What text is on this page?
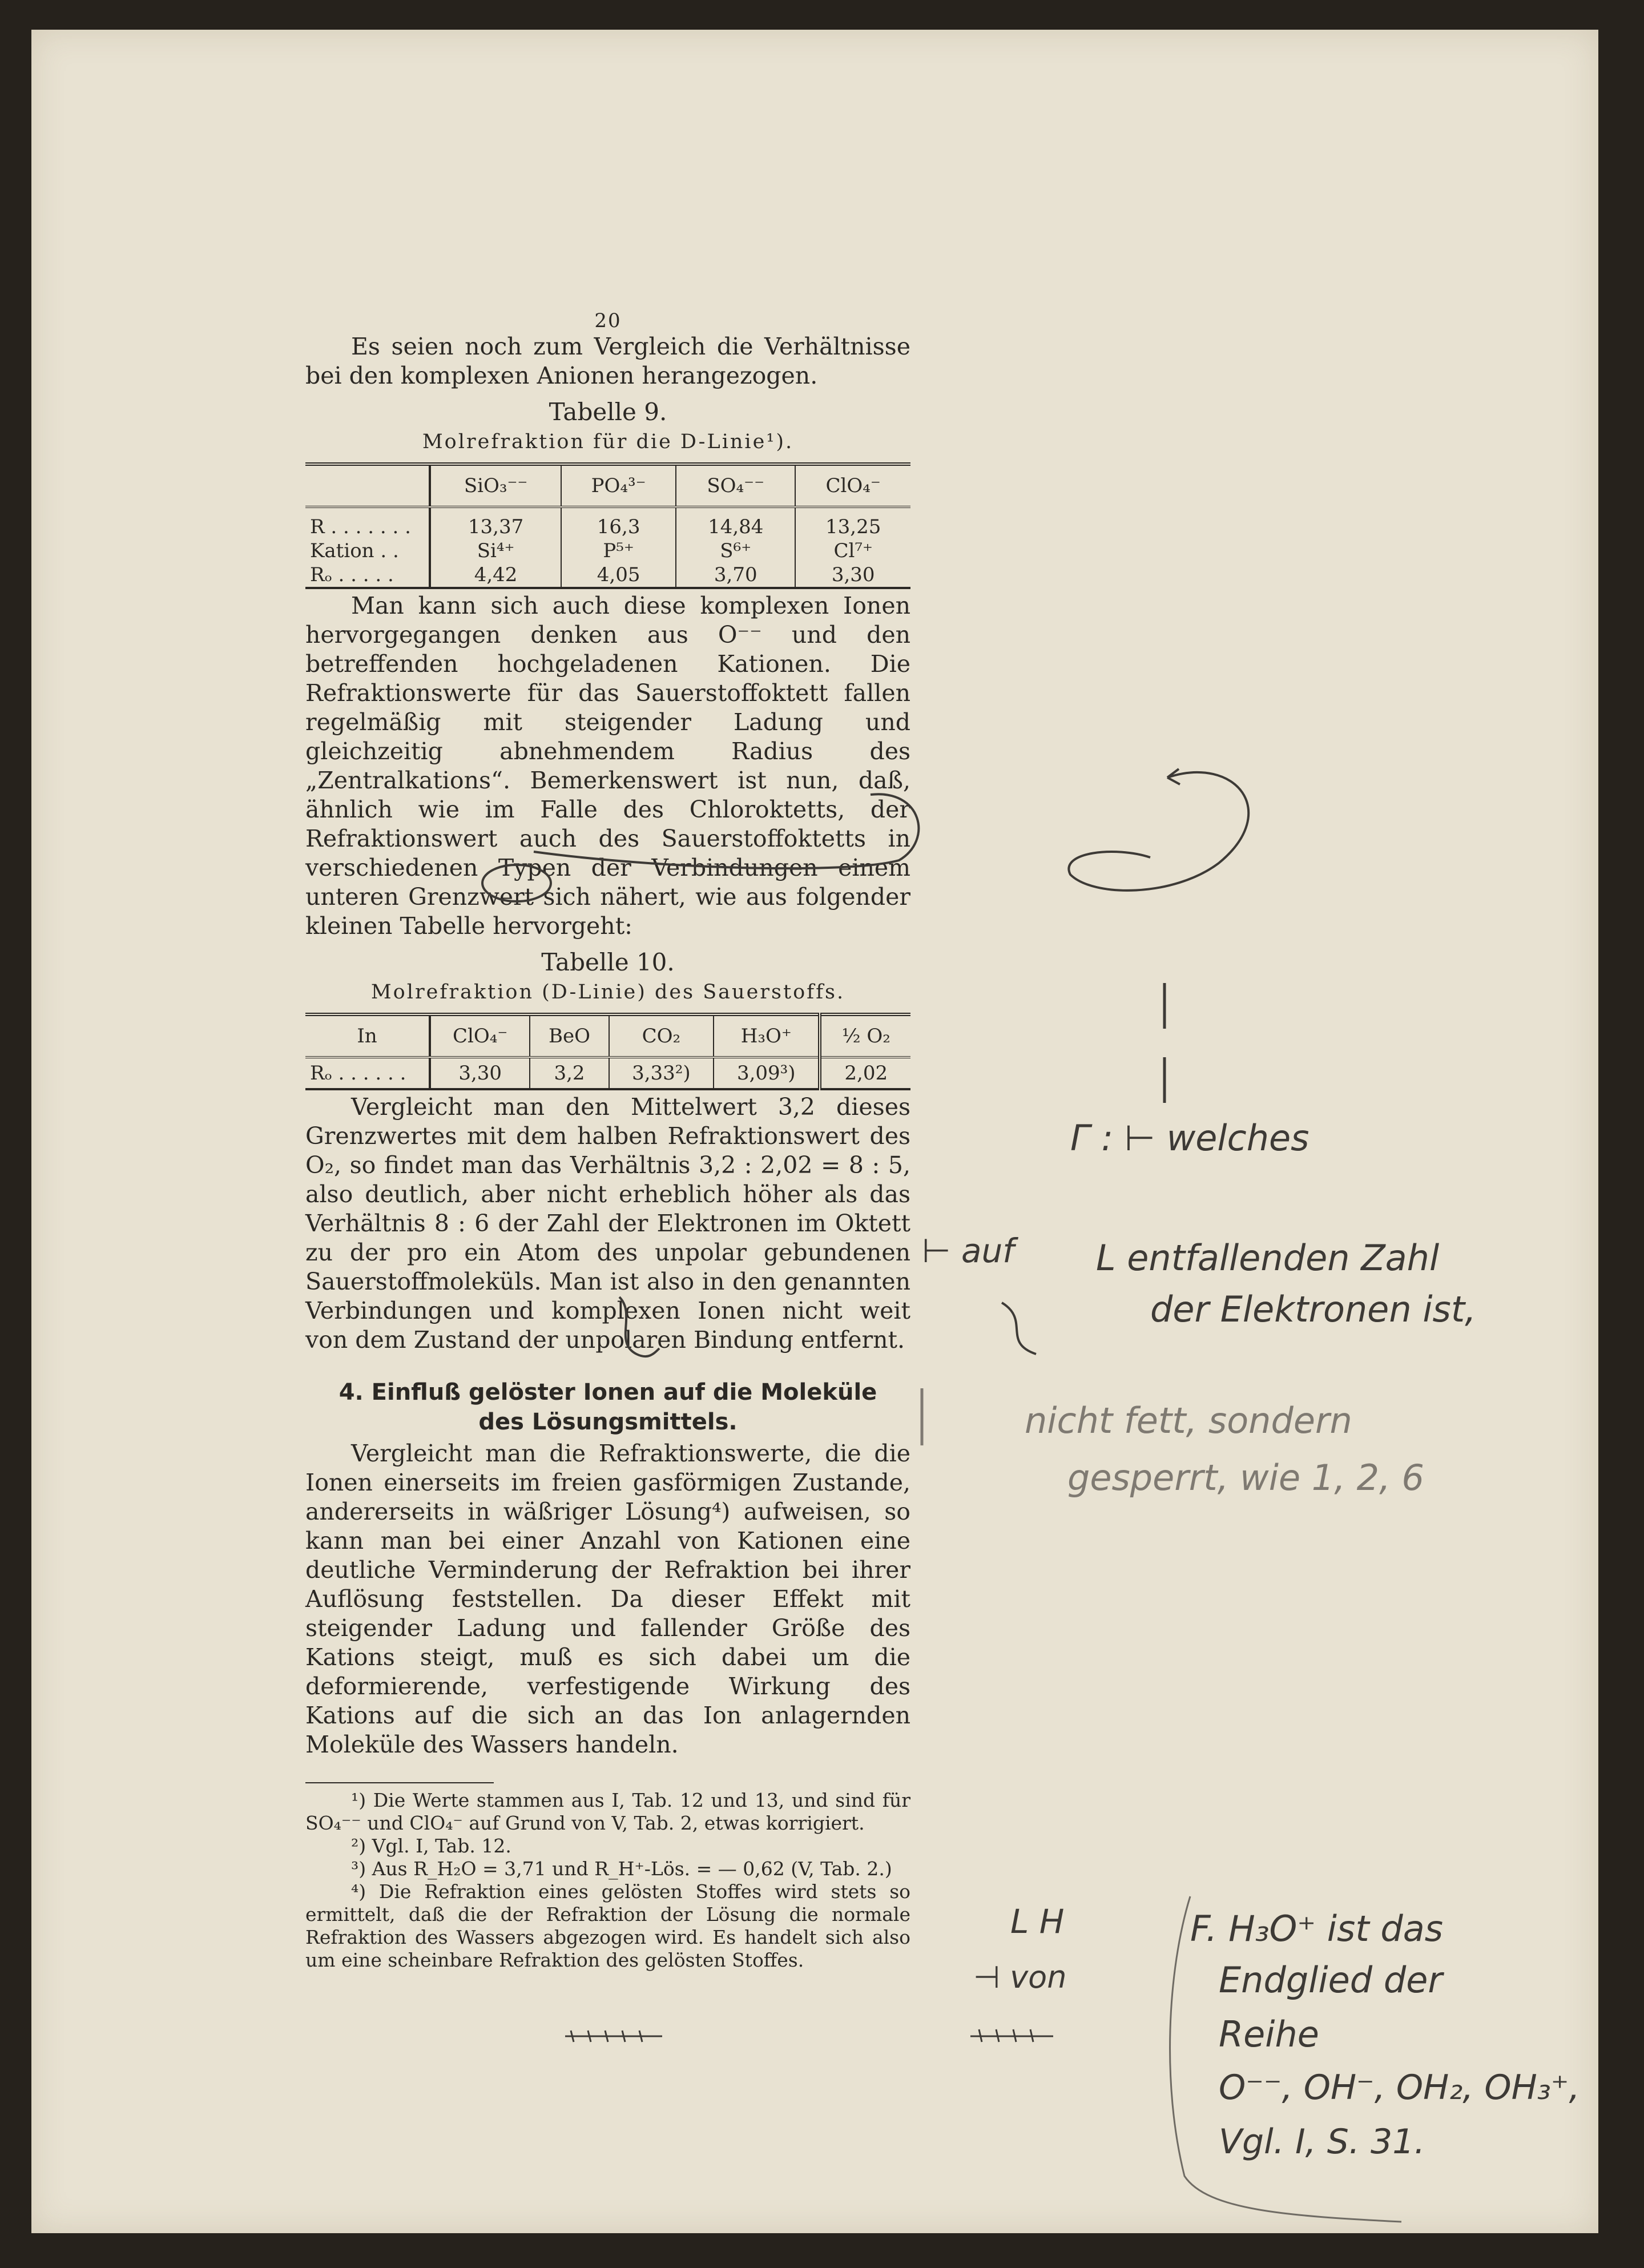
20

Es seien noch zum Vergleich die Verhältnisse bei den komplexen Anionen herangezogen.

Tabelle 9.
Molrefraktion für die D-Linie¹).
	SiO₃⁻⁻	PO₄³⁻	SO₄⁻⁻	ClO₄⁻
R . . . . . . .	13,37	16,3	14,84	13,25
Kation . .	Si⁴⁺	P⁵⁺	S⁶⁺	Cl⁷⁺
Rₒ . . . . .	4,42	4,05	3,70	3,30

Man kann sich auch diese komplexen Ionen hervorgegangen denken aus O⁻⁻ und den betreffenden hochgeladenen Kationen. Die Refraktionswerte für das Sauerstoffoktett fallen regelmäßig mit steigender Ladung und gleichzeitig abnehmendem Radius des „Zentralkations“. Bemerkenswert ist nun, daß, ähnlich wie im Falle des Chloroktetts, der Refraktionswert auch des Sauerstoffoktetts in verschiedenen Typen der Verbindungen einem unteren Grenzwert sich nähert, wie aus folgender kleinen Tabelle hervorgeht:

Tabelle 10.
Molrefraktion (D-Linie) des Sauerstoffs.
In	ClO₄⁻	BeO	CO₂	H₃O⁺	½ O₂
Rₒ . . . . . .	3,30	3,2	3,33²)	3,09³)	2,02

Vergleicht man den Mittelwert 3,2 dieses Grenzwertes mit dem halben Refraktionswert des O₂, so findet man das Verhältnis 3,2 : 2,02 = 8 : 5, also deutlich, aber nicht erheblich höher als das Verhältnis 8 : 6 der Zahl der Elektronen im Oktett zu der pro ein Atom des unpolar gebundenen Sauerstoffmoleküls. Man ist also in den genannten Verbindungen und komplexen Ionen nicht weit von dem Zustand der unpolaren Bindung entfernt.

4. Einfluß gelöster Ionen auf die Moleküle
des Lösungsmittels.

Vergleicht man die Refraktionswerte, die die Ionen einerseits im freien gasförmigen Zustande, andererseits in wäßriger Lösung⁴) aufweisen, so kann man bei einer Anzahl von Kationen eine deutliche Verminderung der Refraktion bei ihrer Auflösung feststellen. Da dieser Effekt mit steigender Ladung und fallender Größe des Kations steigt, muß es sich dabei um die deformierende, verfestigende Wirkung des Kations auf die sich an das Ion anlagernden Moleküle des Wassers handeln.

¹) Die Werte stammen aus I, Tab. 12 und 13, und sind für SO₄⁻⁻ und ClO₄⁻ auf Grund von V, Tab. 2, etwas korrigiert.

²) Vgl. I, Tab. 12.

³) Aus R_H₂O = 3,71 und R_H⁺-Lös. = — 0,62 (V, Tab. 2.)

⁴) Die Refraktion eines gelösten Stoffes wird stets so ermittelt, daß die der Refraktion der Lösung die normale Refraktion des Wassers abgezogen wird. Es handelt sich also um eine scheinbare Refraktion des gelösten Stoffes.

Γ : ⊢ welches
⊢ auf L entfallenden Zahl
der Elektronen ist,
nicht fett, sondern
gesperrt, wie 1, 2, 6
L H
⊣ von
F. H₃O⁺ ist das
Endglied der
Reihe
O⁻⁻, OH⁻, OH₂, OH₃⁺,
Vgl. I, S. 31.
